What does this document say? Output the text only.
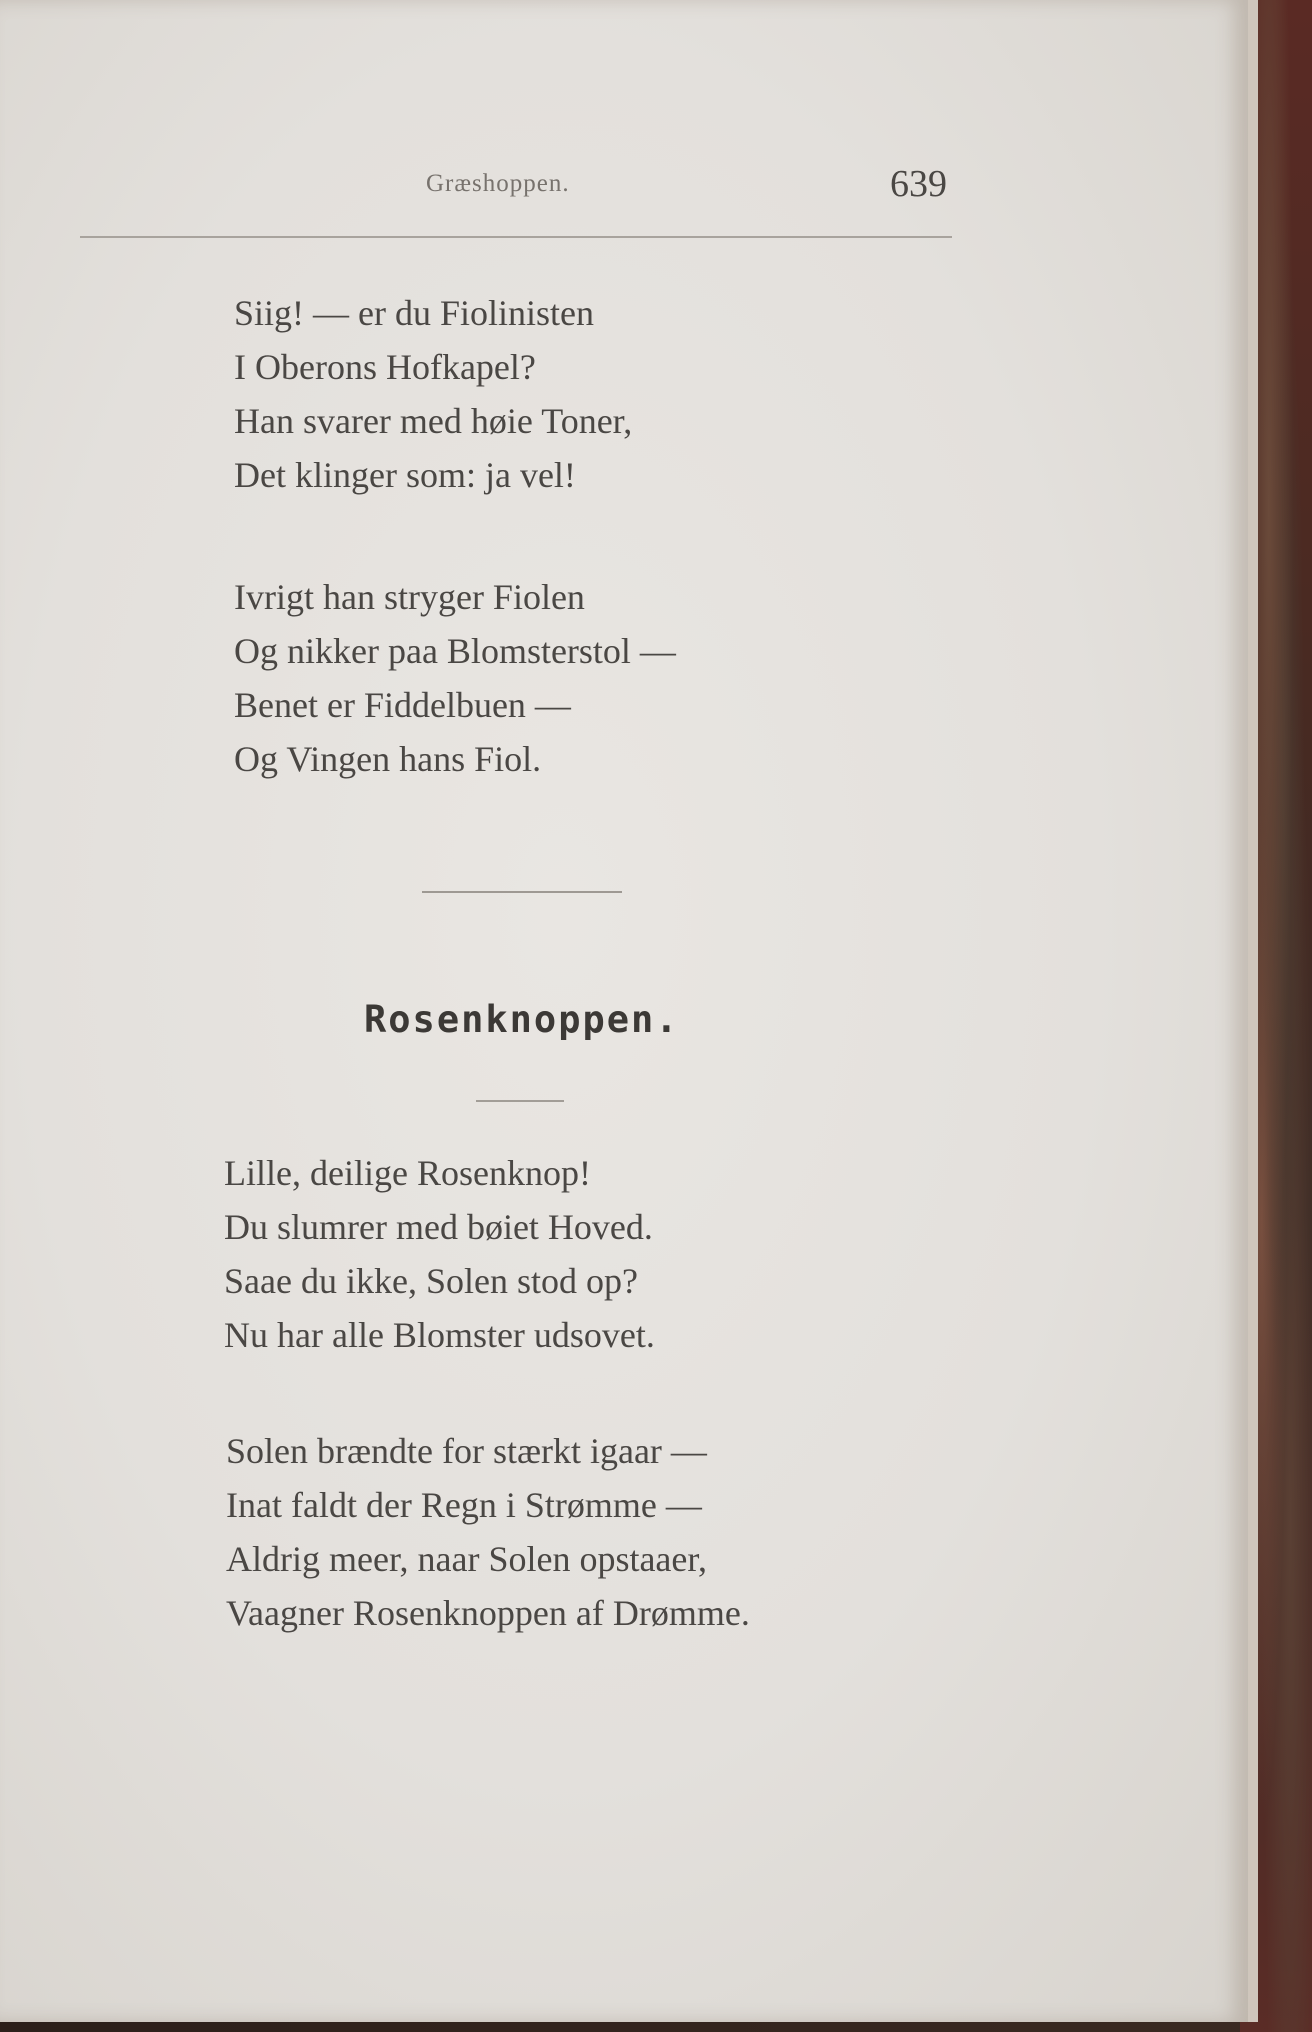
Græshoppen.	639
Siig! — er du Fiolinisten
I Oberons Hofkapel?
Han svarer med høie Toner,
Det klinger som: ja vel!
Ivrigt han stryger Fiolen
Og nikker paa Blomsterstol —
Benet er Fiddelbuen —
Og Vingen hans Fiol.
Rosenknoppen.
Lille, deilige Rosenknop!
Du slumrer med bøiet Hoved.
Saae du ikke, Solen stod op?
Nu har alle Blomster udsovet.
Solen brændte for stærkt igaar —
Inat faldt der Regn i Strømme —
Aldrig meer, naar Solen opstaaer,
Vaagner Rosenknoppen af Drømme.
